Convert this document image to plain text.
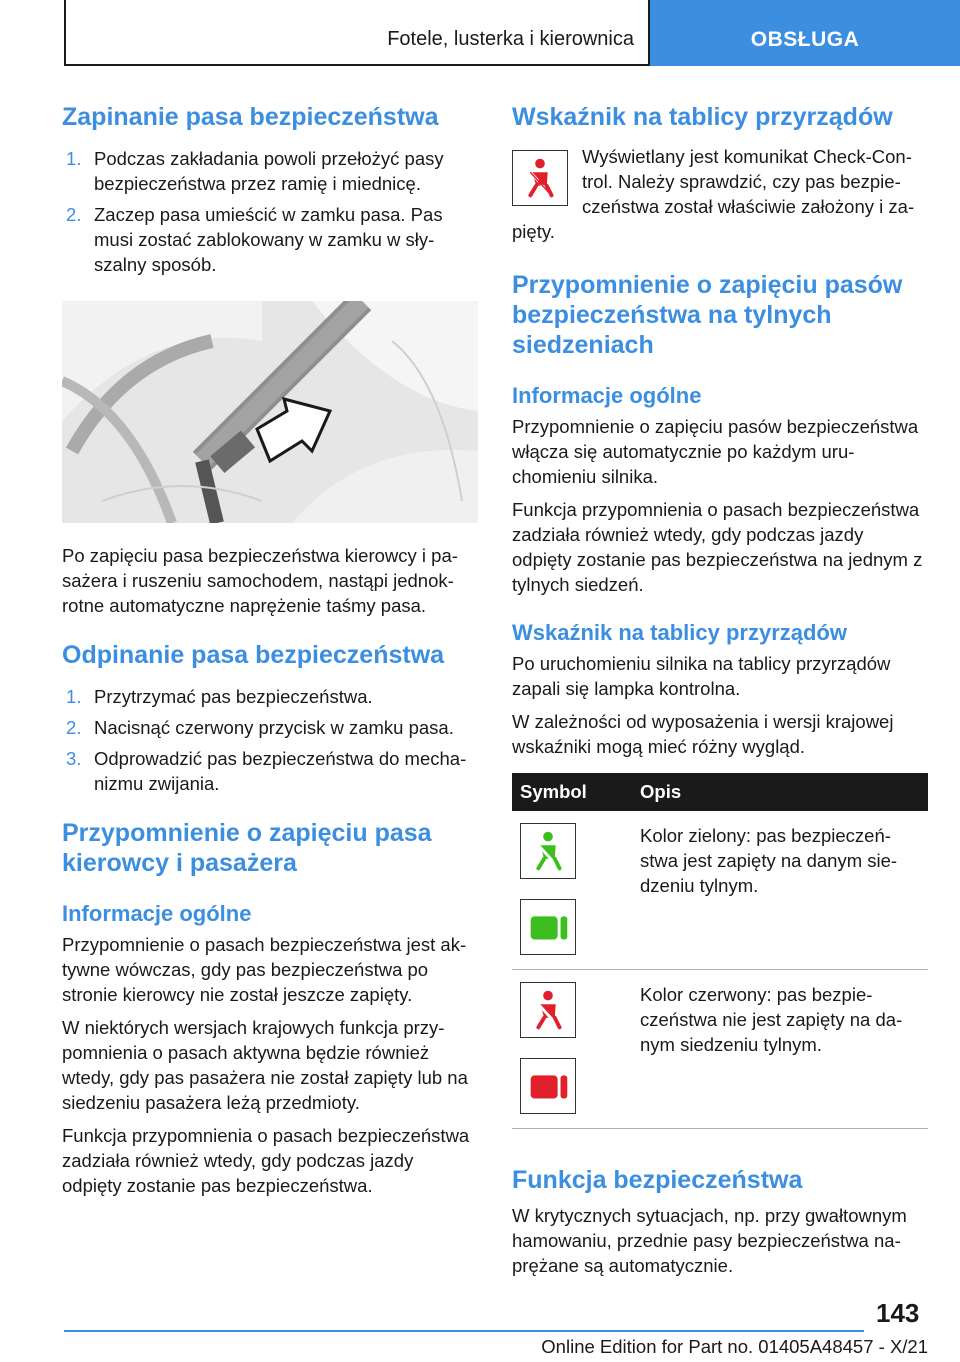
Fotele, lusterka i kierownica	OBSŁUGA
Zapinanie pasa bezpieczeństwa
1. Podczas zakładania powoli przełożyć pasy bezpieczeństwa przez ramię i miednicę.
2. Zaczep pasa umieścić w zamku pasa. Pas musi zostać zablokowany w zamku w słyszalny sposób.

Po zapięciu pasa bezpieczeństwa kierowcy i pasażera i ruszeniu samochodem, nastąpi jednokrotne automatyczne naprężenie taśmy pasa.

Odpinanie pasa bezpieczeństwa
1. Przytrzymać pas bezpieczeństwa.
2. Nacisnąć czerwony przycisk w zamku pasa.
3. Odprowadzić pas bezpieczeństwa do mechanizmu zwijania.
Przypomnienie o zapięciu pasa kierowcy i pasażera
Informacje ogólne

Przypomnienie o pasach bezpieczeństwa jest aktywne wówczas, gdy pas bezpieczeństwa po stronie kierowcy nie został jeszcze zapięty.

W niektórych wersjach krajowych funkcja przypomnienia o pasach aktywna będzie również wtedy, gdy pas pasażera nie został zapięty lub na siedzeniu pasażera leżą przedmioty.

Funkcja przypomnienia o pasach bezpieczeństwa zadziała również wtedy, gdy podczas jazdy odpięty zostanie pas bezpieczeństwa.

Wskaźnik na tablicy przyrządów

Wyświetlany jest komunikat Check-Control. Należy sprawdzić, czy pas bezpieczeństwa został właściwie założony i zapięty.

Przypomnienie o zapięciu pasów bezpieczeństwa na tylnych siedzeniach
Informacje ogólne

Przypomnienie o zapięciu pasów bezpieczeństwa włącza się automatycznie po każdym uruchomieniu silnika.

Funkcja przypomnienia o pasach bezpieczeństwa zadziała również wtedy, gdy podczas jazdy odpięty zostanie pas bezpieczeństwa na jednym z tylnych siedzeń.

Wskaźnik na tablicy przyrządów

Po uruchomieniu silnika na tablicy przyrządów zapali się lampka kontrolna.

W zależności od wyposażenia i wersji krajowej wskaźniki mogą mieć różny wygląd.

Symbol	Opis

	Kolor zielony: pas bezpieczeństwa jest zapięty na danym siedzeniu tylnym.

	Kolor czerwony: pas bezpieczeństwa nie jest zapięty na danym siedzeniu tylnym.
Funkcja bezpieczeństwa

W krytycznych sytuacjach, np. przy gwałtownym hamowaniu, przednie pasy bezpieczeństwa naprężane są automatycznie.

143
Online Edition for Part no. 01405A48457 - X/21
